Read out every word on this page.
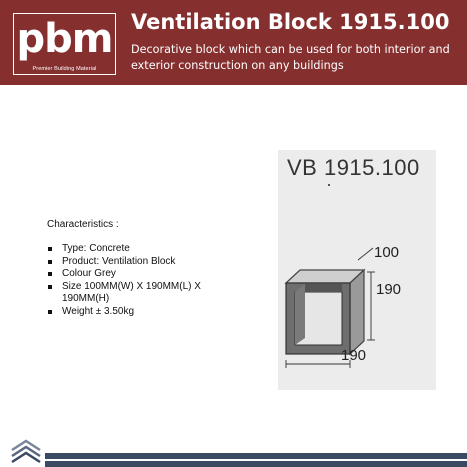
pbm
Premier Building Material
Ventilation Block 1915.100
Decorative block which can be used for both interior and exterior construction on any buildings
Characteristics :
Type: Concrete
Product: Ventilation Block
Colour Grey
Size 100MM(W) X 190MM(L) X 190MM(H)
Weight ± 3.50kg
VB 1915.100
100
190
190
